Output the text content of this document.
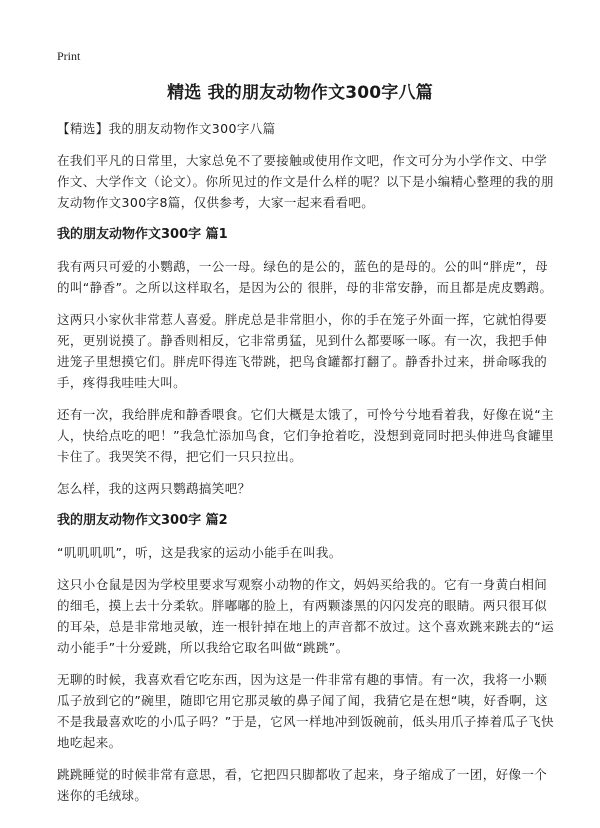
Print
精选 我的朋友动物作文300字八篇

【精选】我的朋友动物作文300字八篇

在我们平凡的日常里，大家总免不了要接触或使用作文吧，作文可分为小学作文、中学作文、大学作文（论文）。你所见过的作文是什么样的呢？以下是小编精心整理的我的朋友动物作文300字8篇，仅供参考，大家一起来看看吧。

我的朋友动物作文300字 篇1

我有两只可爱的小鹦鹉，一公一母。绿色的是公的，蓝色的是母的。公的叫“胖虎”，母的叫“静香”。之所以这样取名，是因为公的 很胖，母的非常安静，而且都是虎皮鹦鹉。

这两只小家伙非常惹人喜爱。胖虎总是非常胆小，你的手在笼子外面一挥，它就怕得要死，更别说摸了。静香则相反，它非常勇猛，见到什么都要啄一啄。有一次，我把手伸进笼子里想摸它们。胖虎吓得连飞带跳，把鸟食罐都打翻了。静香扑过来，拼命啄我的手，疼得我哇哇大叫。

还有一次，我给胖虎和静香喂食。它们大概是太饿了，可怜兮兮地看着我，好像在说“主人，快给点吃的吧！”我急忙添加鸟食，它们争抢着吃，没想到竟同时把头伸进鸟食罐里卡住了。我哭笑不得，把它们一只只拉出。

怎么样，我的这两只鹦鹉搞笑吧？

我的朋友动物作文300字 篇2

“叽叽叽叽”，听，这是我家的运动小能手在叫我。

这只小仓鼠是因为学校里要求写观察小动物的作文，妈妈买给我的。它有一身黄白相间的细毛，摸上去十分柔软。胖嘟嘟的脸上，有两颗漆黑的闪闪发亮的眼睛。两只很耳似的耳朵，总是非常地灵敏，连一根针掉在地上的声音都不放过。这个喜欢跳来跳去的“运动小能手”十分爱跳，所以我给它取名叫做“跳跳”。

无聊的时候，我喜欢看它吃东西，因为这是一件非常有趣的事情。有一次，我将一小颗瓜子放到它的”碗里，随即它用它那灵敏的鼻子闻了闻，我猜它是在想“咦，好香啊，这不是我最喜欢吃的小瓜子吗？”于是，它风一样地冲到饭碗前，低头用爪子捧着瓜子飞快地吃起来。

跳跳睡觉的时候非常有意思，看，它把四只脚都收了起来，身子缩成了一团，好像一个迷你的毛绒球。
